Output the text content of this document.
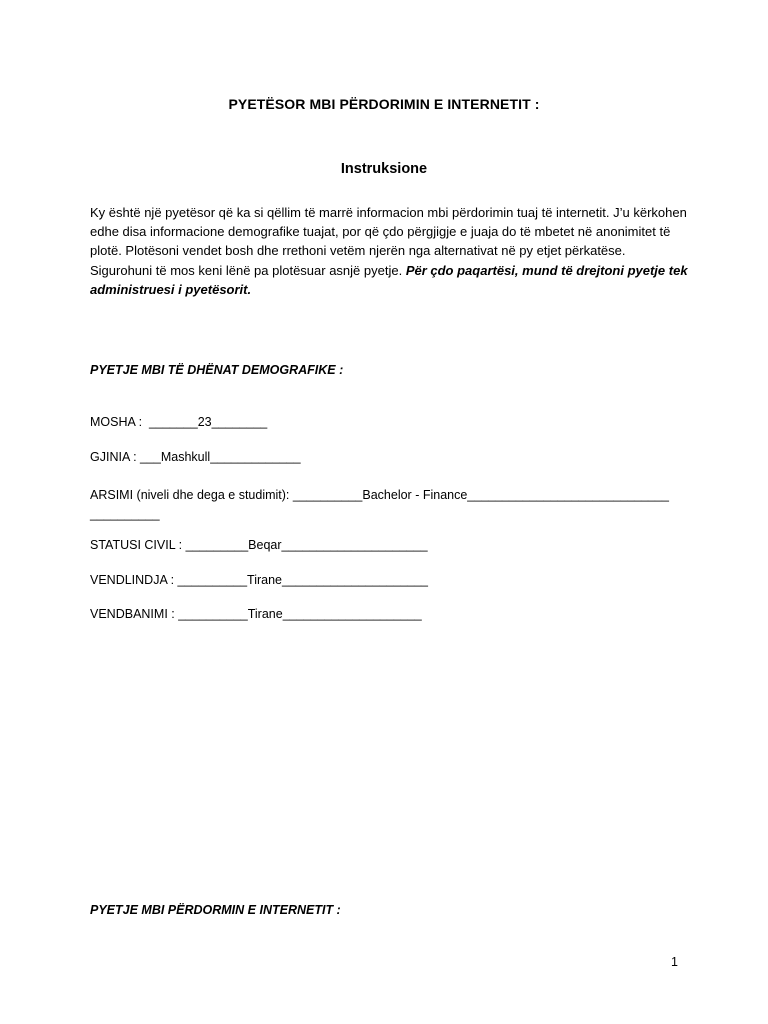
PYETËSOR MBI PËRDORIMIN E INTERNETIT :
Instruksione
Ky është një pyetësor që ka si qëllim të marrë informacion mbi përdorimin tuaj të internetit. J’u kërkohen edhe disa informacione demografike tuajat, por që çdo përgjigje e juaja do të mbetet në anonimitet të plotë. Plotësoni vendet bosh dhe rrethoni vetëm njerën nga alternativat në py etjet përkatëse. Sigurohuni të mos keni lënë pa plotësuar asnjë pyetje. Për çdo paqartësi, mund të drejtoni pyetje tek administruesi i pyetësorit.
PYETJE MBI TË DHËNAT DEMOGRAFIKE :
MOSHA :  _______23________
GJINIA : ___Mashkull_____________
ARSIMI (niveli dhe dega e studimit): __________Bachelor - Finance_____________________________ __________
STATUSI CIVIL : _________Beqar_____________________
VENDLINDJA : __________Tirane_____________________
VENDBANIMI : __________Tirane____________________
PYETJE MBI PËRDORMIN E INTERNETIT :
1
